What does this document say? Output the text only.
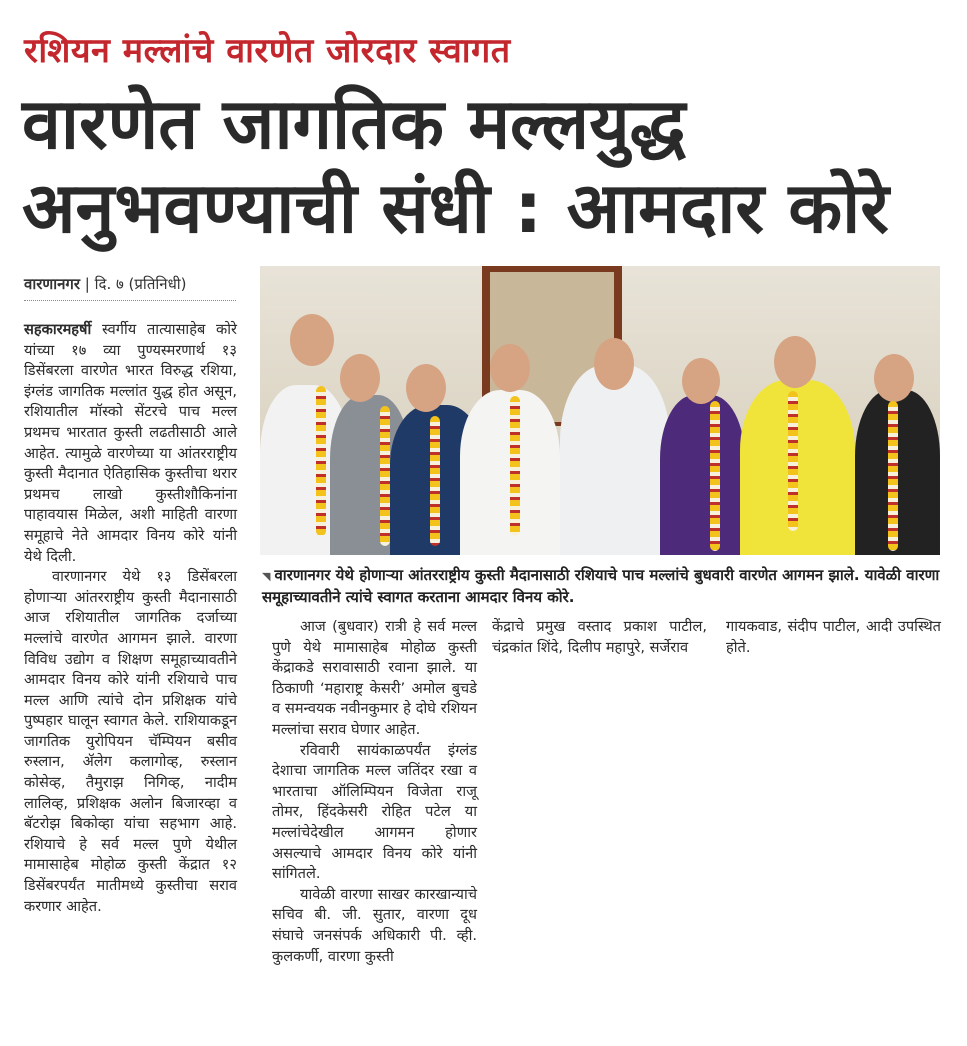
रशियन मल्लांचे वारणेत जोरदार स्वागत
वारणेत जागतिक मल्लयुद्ध
अनुभवण्याची संधी : आमदार कोरे
वारणानगर | दि. ७ (प्रतिनिधी)

सहकारमहर्षी स्वर्गीय तात्यासाहेब कोरे यांच्या १७ व्या पुण्यस्मरणार्थ १३ डिसेंबरला वारणेत भारत विरुद्ध रशिया, इंग्लंड जागतिक मल्लांत युद्ध होत असून, रशियातील मॉस्को सेंटरचे पाच मल्ल प्रथमच भारतात कुस्ती लढतीसाठी आले आहेत. त्यामुळे वारणेच्या या आंतरराष्ट्रीय कुस्ती मैदानात ऐतिहासिक कुस्तीचा थरार प्रथमच लाखो कुस्तीशौकिनांना पाहावयास मिळेल, अशी माहिती वारणा समूहाचे नेते आमदार विनय कोरे यांनी येथे दिली.

वारणानगर येथे १३ डिसेंबरला होणाऱ्या आंतरराष्ट्रीय कुस्ती मैदानासाठी आज रशियातील जागतिक दर्जाच्या मल्लांचे वारणेत आगमन झाले. वारणा विविध उद्योग व शिक्षण समूहाच्यावतीने आमदार विनय कोरे यांनी रशियाचे पाच मल्ल आणि त्यांचे दोन प्रशिक्षक यांचे पुष्पहार घालून स्वागत केले. राशियाकडून जागतिक युरोपियन चॅम्पियन बसीव रुस्लान, ॲलेग कलागोव्ह, रुस्लान कोसेव्ह, तैमुराझ निगिव्ह, नादीम लालिव्ह, प्रशिक्षक अलोन बिजारव्हा व बॅटरोझ बिकोव्हा यांचा सहभाग आहे. रशियाचे हे सर्व मल्ल पुणे येथील मामासाहेब मोहोळ कुस्ती केंद्रात १२ डिसेंबरपर्यंत मातीमध्ये कुस्तीचा सराव करणार आहेत.

◥ वारणानगर येथे होणाऱ्या आंतरराष्ट्रीय कुस्ती मैदानासाठी रशियाचे पाच मल्लांचे बुधवारी वारणेत आगमन झाले. यावेळी वारणा समूहाच्यावतीने त्यांचे स्वागत करताना आमदार विनय कोरे.

आज (बुधवार) रात्री हे सर्व मल्ल पुणे येथे मामासाहेब मोहोळ कुस्ती केंद्राकडे सरावासाठी रवाना झाले. या ठिकाणी ‘महाराष्ट्र केसरी’ अमोल बुचडे व समन्वयक नवीनकुमार हे दोघे रशियन मल्लांचा सराव घेणार आहेत.

रविवारी सायंकाळपर्यंत इंग्लंड देशाचा जागतिक मल्ल जतिंदर रखा व भारताचा ऑलिम्पियन विजेता राजू तोमर, हिंदकेसरी रोहित पटेल या मल्लांचेदेखील आगमन होणार असल्याचे आमदार विनय कोरे यांनी सांगितले.

यावेळी वारणा साखर कारखान्याचे सचिव बी. जी. सुतार, वारणा दूध संघाचे जनसंपर्क अधिकारी पी. व्ही. कुलकर्णी, वारणा कुस्ती

केंद्राचे प्रमुख वस्ताद प्रकाश पाटील, चंद्रकांत शिंदे, दिलीप महापुरे, सर्जेराव

गायकवाड, संदीप पाटील, आदी उपस्थित होते.
